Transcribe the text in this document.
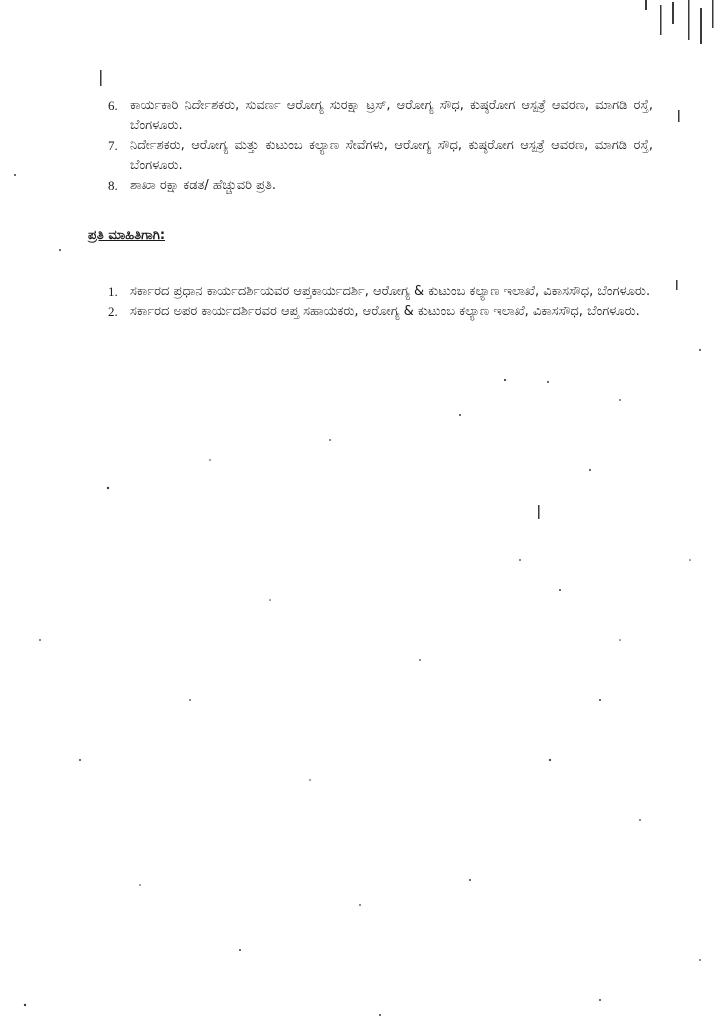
6. ಕಾರ್ಯಕಾರಿ ನಿರ್ದೇಶಕರು, ಸುವರ್ಣ ಆರೋಗ್ಯ ಸುರಕ್ಷಾ ಟ್ರಸ್, ಆರೋಗ್ಯ ಸೌಧ, ಕುಷ್ಠರೋಗ ಆಸ್ಪತ್ರೆ ಆವರಣ, ಮಾಗಡಿ ರಸ್ತೆ, ಬೆಂಗಳೂರು.
7. ನಿರ್ದೇಶಕರು, ಆರೋಗ್ಯ ಮತ್ತು ಕುಟುಂಬ ಕಲ್ಯಾಣ ಸೇವೆಗಳು, ಆರೋಗ್ಯ ಸೌಧ, ಕುಷ್ಠರೋಗ ಆಸ್ಪತ್ರೆ ಆವರಣ, ಮಾಗಡಿ ರಸ್ತೆ, ಬೆಂಗಳೂರು.
8. ಶಾಖಾ ರಕ್ಷಾ ಕಡತ/ ಹೆಚ್ಚುವರಿ ಪ್ರತಿ.
ಪ್ರತಿ ಮಾಹಿತಿಗಾಗಿ:
1. ಸರ್ಕಾರದ ಪ್ರಧಾನ ಕಾರ್ಯದರ್ಶಿಯವರ ಆಪ್ತಕಾರ್ಯದರ್ಶಿ, ಆರೋಗ್ಯ & ಕುಟುಂಬ ಕಲ್ಯಾಣ ಇಲಾಖೆ, ವಿಕಾಸಸೌಧ, ಬೆಂಗಳೂರು.
2. ಸರ್ಕಾರದ ಅಪರ ಕಾರ್ಯದರ್ಶಿರವರ ಆಪ್ತ ಸಹಾಯಕರು, ಆರೋಗ್ಯ & ಕುಟುಂಬ ಕಲ್ಯಾಣ ಇಲಾಖೆ, ವಿಕಾಸಸೌಧ, ಬೆಂಗಳೂರು.
